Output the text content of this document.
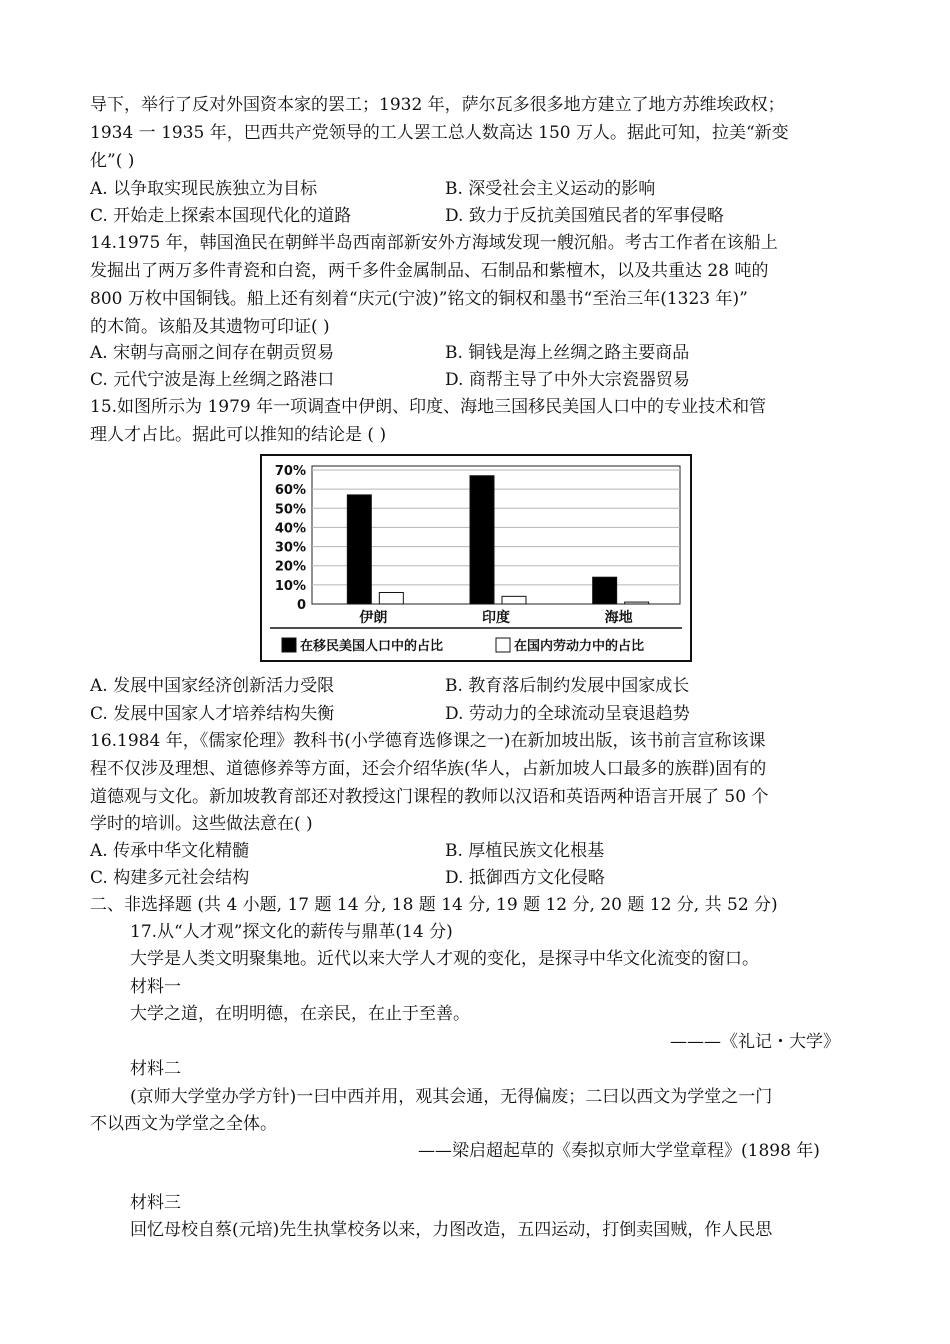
导下，举行了反对外国资本家的罢工；1932 年，萨尔瓦多很多地方建立了地方苏维埃政权；
1934 一 1935 年，巴西共产党领导的工人罢工总人数高达 150 万人。据此可知，拉美“新变
化”( )
A. 以争取实现民族独立为目标	B. 深受社会主义运动的影响
C. 开始走上探索本国现代化的道路	D. 致力于反抗美国殖民者的军事侵略
14.1975 年，韩国渔民在朝鲜半岛西南部新安外方海域发现一艘沉船。考古工作者在该船上
发掘出了两万多件青瓷和白瓷，两千多件金属制品、石制品和紫檀木，以及共重达 28 吨的
800 万枚中国铜钱。船上还有刻着“庆元(宁波)”铭文的铜权和墨书“至治三年(1323 年)”
的木简。该船及其遗物可印证( )
A. 宋朝与高丽之间存在朝贡贸易	B. 铜钱是海上丝绸之路主要商品
C. 元代宁波是海上丝绸之路港口	D. 商帮主导了中外大宗瓷器贸易
15.如图所示为 1979 年一项调查中伊朗、印度、海地三国移民美国人口中的专业技术和管
理人才占比。据此可以推知的结论是 ( )
0
10%
20%
30%
40%
50%
60%
70%
伊朗	印度	海地
在移民美国人口中的占比	在国内劳动力中的占比
A. 发展中国家经济创新活力受限	B. 教育落后制约发展中国家成长
C. 发展中国家人才培养结构失衡	D. 劳动力的全球流动呈衰退趋势
16.1984 年，《儒家伦理》教科书(小学德育选修课之一)在新加坡出版，该书前言宣称该课
程不仅涉及理想、道德修养等方面，还会介绍华族(华人，占新加坡人口最多的族群)固有的
道德观与文化。新加坡教育部还对教授这门课程的教师以汉语和英语两种语言开展了 50 个
学时的培训。这些做法意在( )
A. 传承中华文化精髓	B. 厚植民族文化根基
C. 构建多元社会结构	D. 抵御西方文化侵略
二、非选择题 (共 4 小题, 17 题 14 分, 18 题 14 分, 19 题 12 分, 20 题 12 分, 共 52 分)
17.从“人才观”探文化的薪传与鼎革(14 分)
大学是人类文明聚集地。近代以来大学人才观的变化，是探寻中华文化流变的窗口。
材料一
大学之道，在明明德，在亲民，在止于至善。
———《礼记・大学》
材料二
(京师大学堂办学方针)一曰中西并用，观其会通，无得偏废；二曰以西文为学堂之一门
不以西文为学堂之全体。
——梁启超起草的《奏拟京师大学堂章程》(1898 年)
材料三
回忆母校自蔡(元培)先生执掌校务以来，力图改造，五四运动，打倒卖国贼，作人民思
